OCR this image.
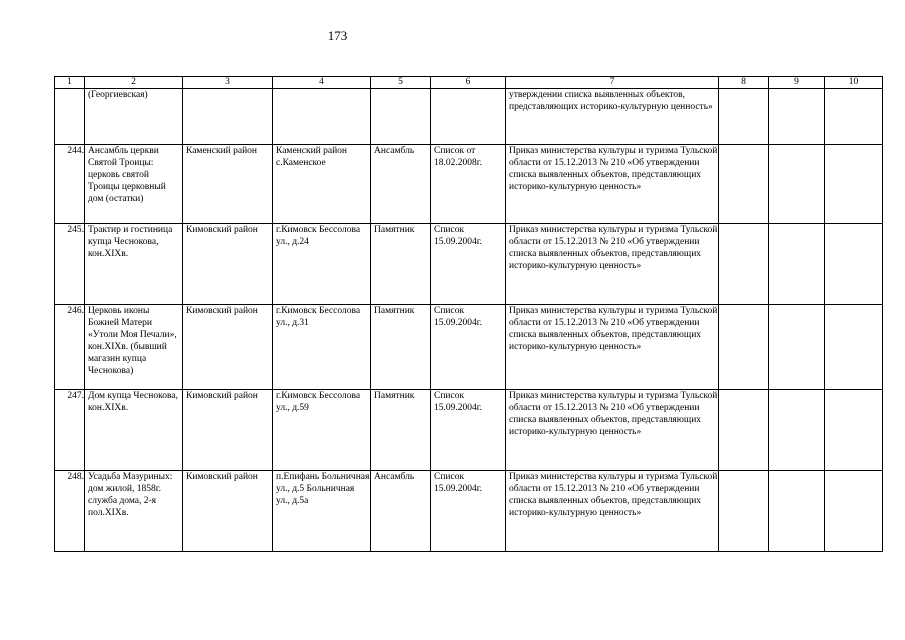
173
1	2	3	4	5	6	7	8	9	10
	(Георгиевская)					утверждении списка выявленных объектов, представляющих историко-культурную ценность»			
244.	Ансамбль церкви Святой Троицы: церковь святой Троицы церковный дом (остатки)	Каменский район	Каменский район с.Каменское	Ансамбль	Список от 18.02.2008г.	Приказ министерства культуры и туризма Тульской области от 15.12.2013 № 210 «Об утверждении списка выявленных объектов, представляющих историко-культурную ценность»			
245.	Трактир и гостиница купца Чеснокова, кон.XIXв.	Кимовский район	г.Кимовск Бессолова ул., д.24	Памятник	Список 15.09.2004г.	Приказ министерства культуры и туризма Тульской области от 15.12.2013 № 210 «Об утверждении списка выявленных объектов, представляющих историко-культурную ценность»			
246.	Церковь иконы Божией Матери «Утоли Моя Печали», кон.XIXв. (бывший магазин купца Чеснокова)	Кимовский район	г.Кимовск Бессолова ул., д.31	Памятник	Список 15.09.2004г.	Приказ министерства культуры и туризма Тульской области от 15.12.2013 № 210 «Об утверждении списка выявленных объектов, представляющих историко-культурную ценность»			
247.	Дом купца Чеснокова, кон.XIXв.	Кимовский район	г.Кимовск Бессолова ул., д.59	Памятник	Список 15.09.2004г.	Приказ министерства культуры и туризма Тульской области от 15.12.2013 № 210 «Об утверждении списка выявленных объектов, представляющих историко-культурную ценность»			
248.	Усадьба Мазуриных: дом жилой, 1858г. служба дома, 2-я пол.XIXв.	Кимовский район	п.Епифань Больничная ул., д.5 Больничная ул., д.5а	Ансамбль	Список 15.09.2004г.	Приказ министерства культуры и туризма Тульской области от 15.12.2013 № 210 «Об утверждении списка выявленных объектов, представляющих историко-культурную ценность»			
